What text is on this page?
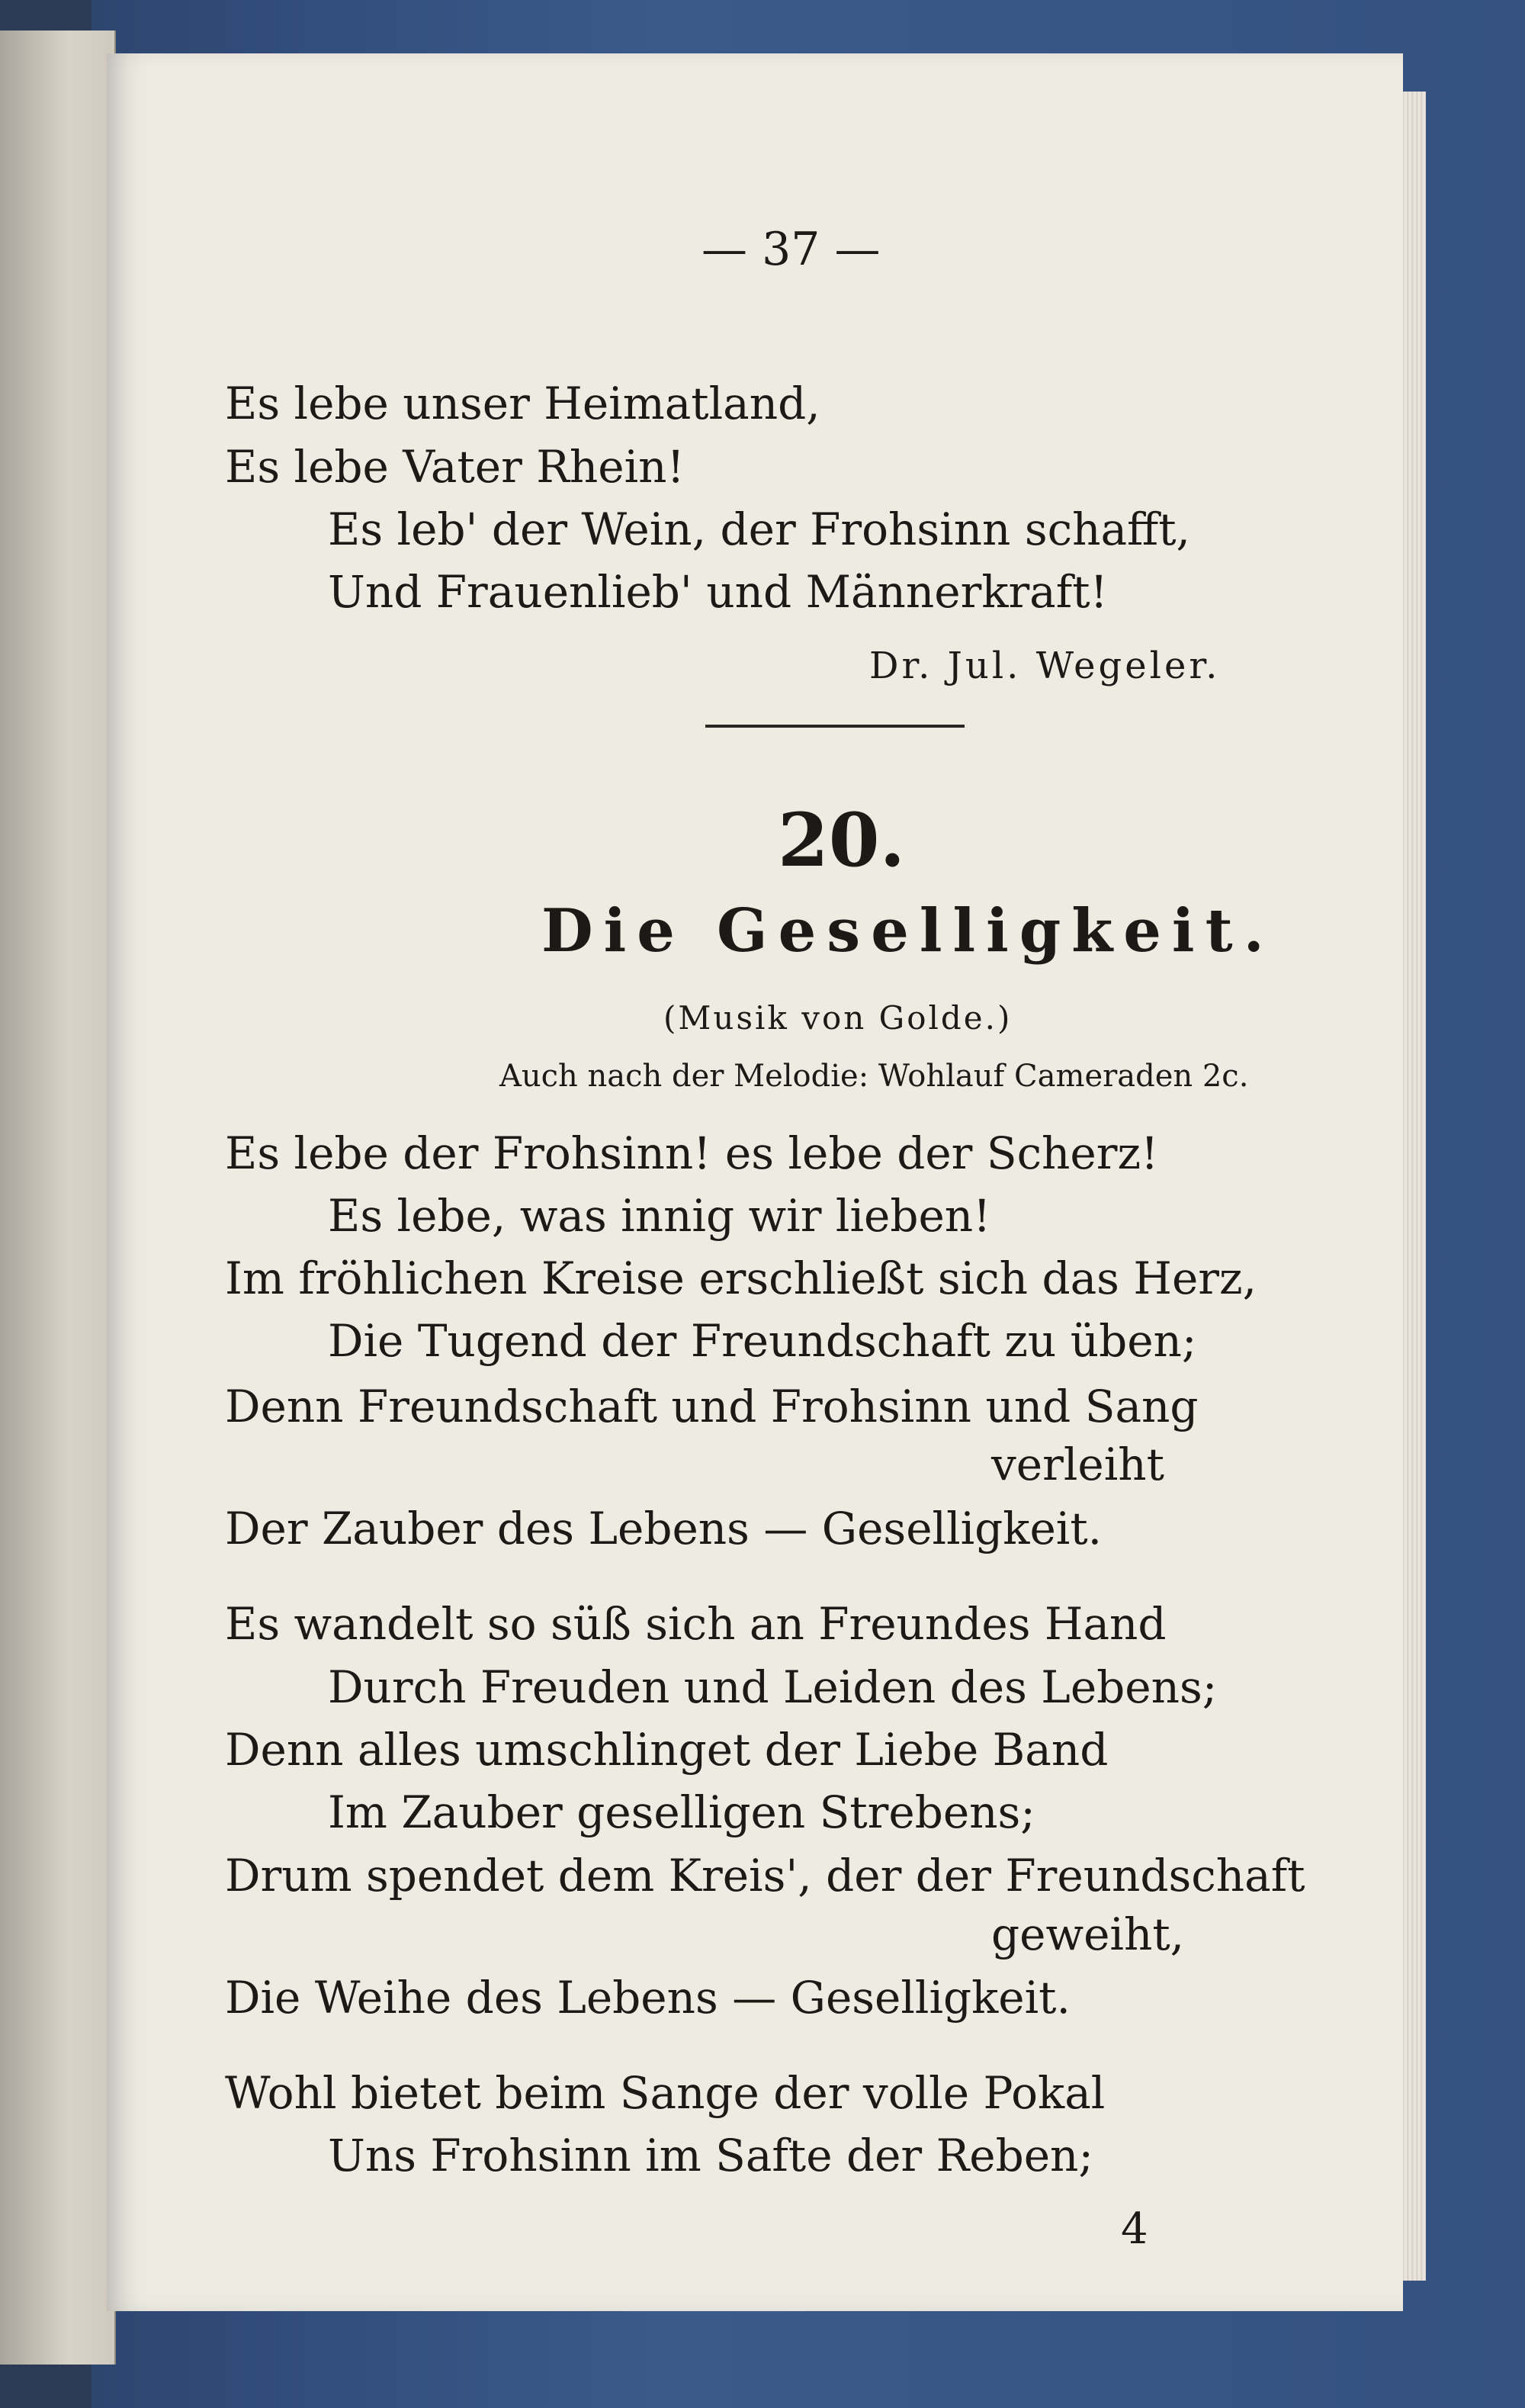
— 37 —
Es lebe unser Heimatland,
Es lebe Vater Rhein!
Es leb' der Wein, der Frohsinn schafft,
Und Frauenlieb' und Männerkraft!
Dr. Jul. Wegeler.
20.
Die Geselligkeit.
(Musik von Golde.)
Auch nach der Melodie: Wohlauf Cameraden 2c.
Es lebe der Frohsinn! es lebe der Scherz!
Es lebe, was innig wir lieben!
Im fröhlichen Kreise erschließt sich das Herz,
Die Tugend der Freundschaft zu üben;
Denn Freundschaft und Frohsinn und Sang
verleiht
Der Zauber des Lebens — Geselligkeit.
Es wandelt so süß sich an Freundes Hand
Durch Freuden und Leiden des Lebens;
Denn alles umschlinget der Liebe Band
Im Zauber geselligen Strebens;
Drum spendet dem Kreis', der der Freundschaft
geweiht,
Die Weihe des Lebens — Geselligkeit.
Wohl bietet beim Sange der volle Pokal
Uns Frohsinn im Safte der Reben;
4
